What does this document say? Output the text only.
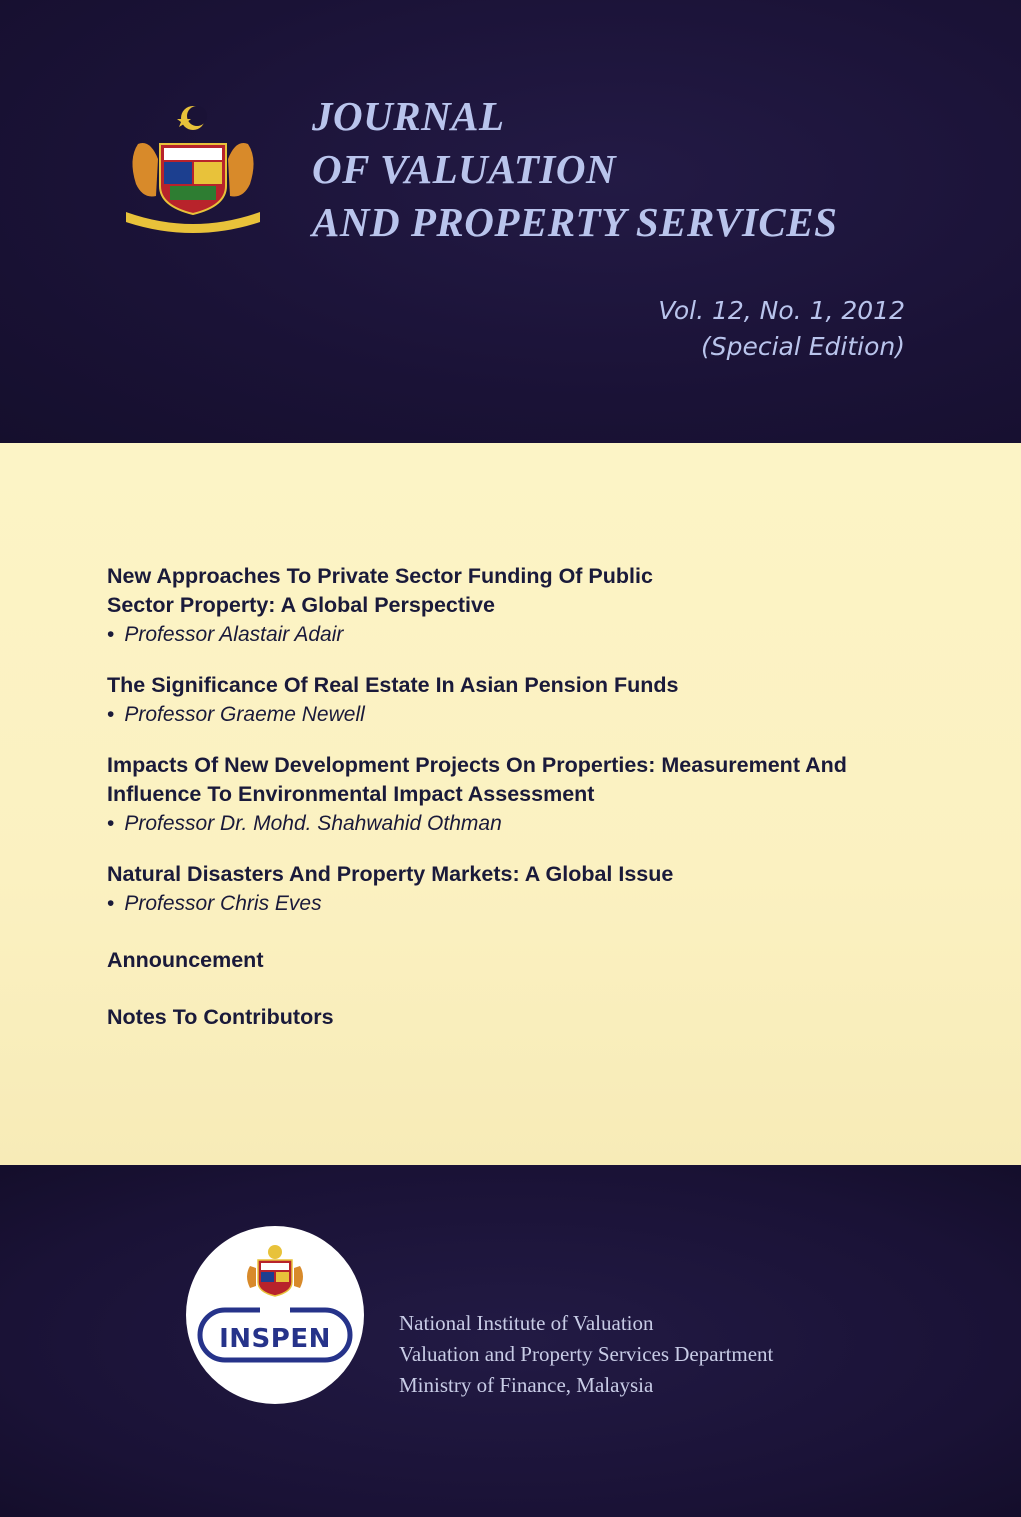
JOURNAL
OF VALUATION
AND PROPERTY SERVICES
Vol. 12, No. 1, 2012
(Special Edition)
New Approaches To Private Sector Funding Of Public
Sector Property: A Global Perspective
• Professor Alastair Adair
The Significance Of Real Estate In Asian Pension Funds
• Professor Graeme Newell
Impacts Of New Development Projects On Properties: Measurement And
Influence To Environmental Impact Assessment
• Professor Dr. Mohd. Shahwahid Othman
Natural Disasters And Property Markets: A Global Issue
• Professor Chris Eves
Announcement
Notes To Contributors
INSPEN
National Institute of Valuation
Valuation and Property Services Department
Ministry of Finance, Malaysia
